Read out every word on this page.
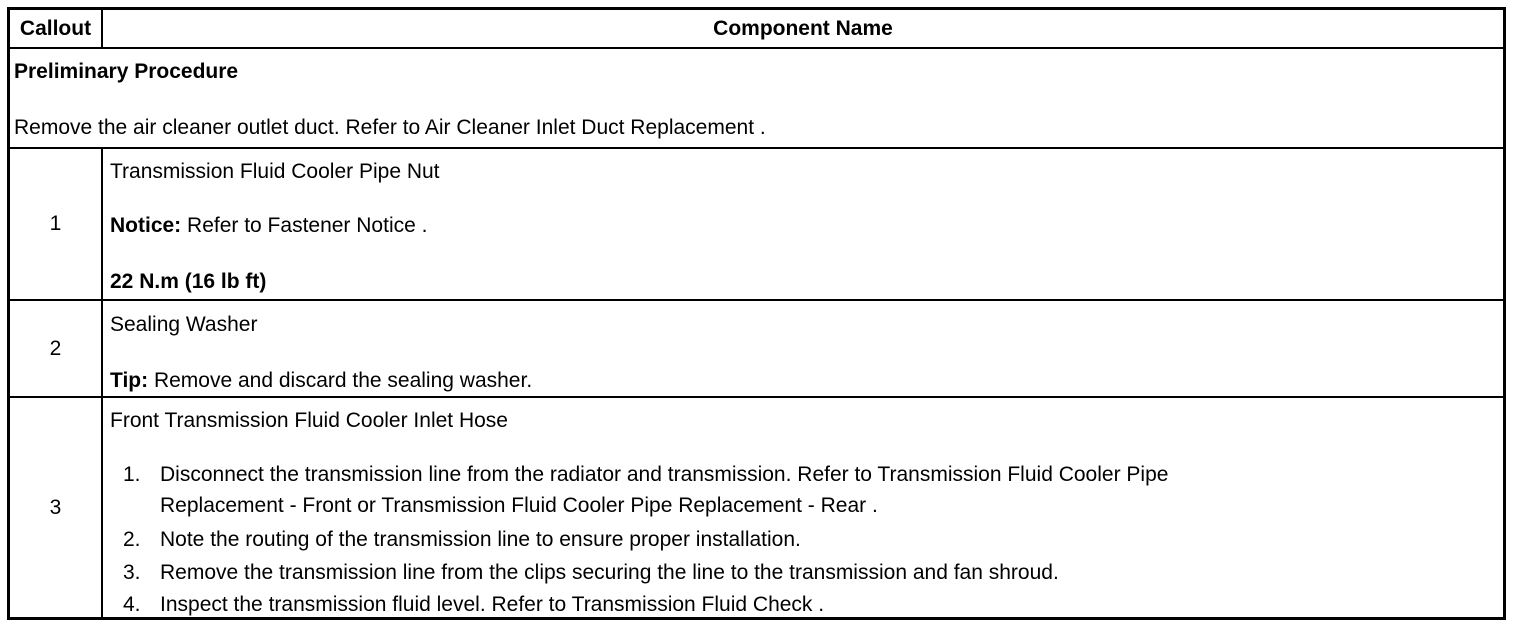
Callout	Component Name
Preliminary Procedure
Remove the air cleaner outlet duct. Refer to Air Cleaner Inlet Duct Replacement .
1
Transmission Fluid Cooler Pipe Nut
Notice: Refer to Fastener Notice .
22 N.m (16 lb ft)
2
Sealing Washer
Tip: Remove and discard the sealing washer.
3
Front Transmission Fluid Cooler Inlet Hose
1. Disconnect the transmission line from the radiator and transmission. Refer to Transmission Fluid Cooler Pipe
Replacement - Front or Transmission Fluid Cooler Pipe Replacement - Rear .
2. Note the routing of the transmission line to ensure proper installation.
3. Remove the transmission line from the clips securing the line to the transmission and fan shroud.
4. Inspect the transmission fluid level. Refer to Transmission Fluid Check .
